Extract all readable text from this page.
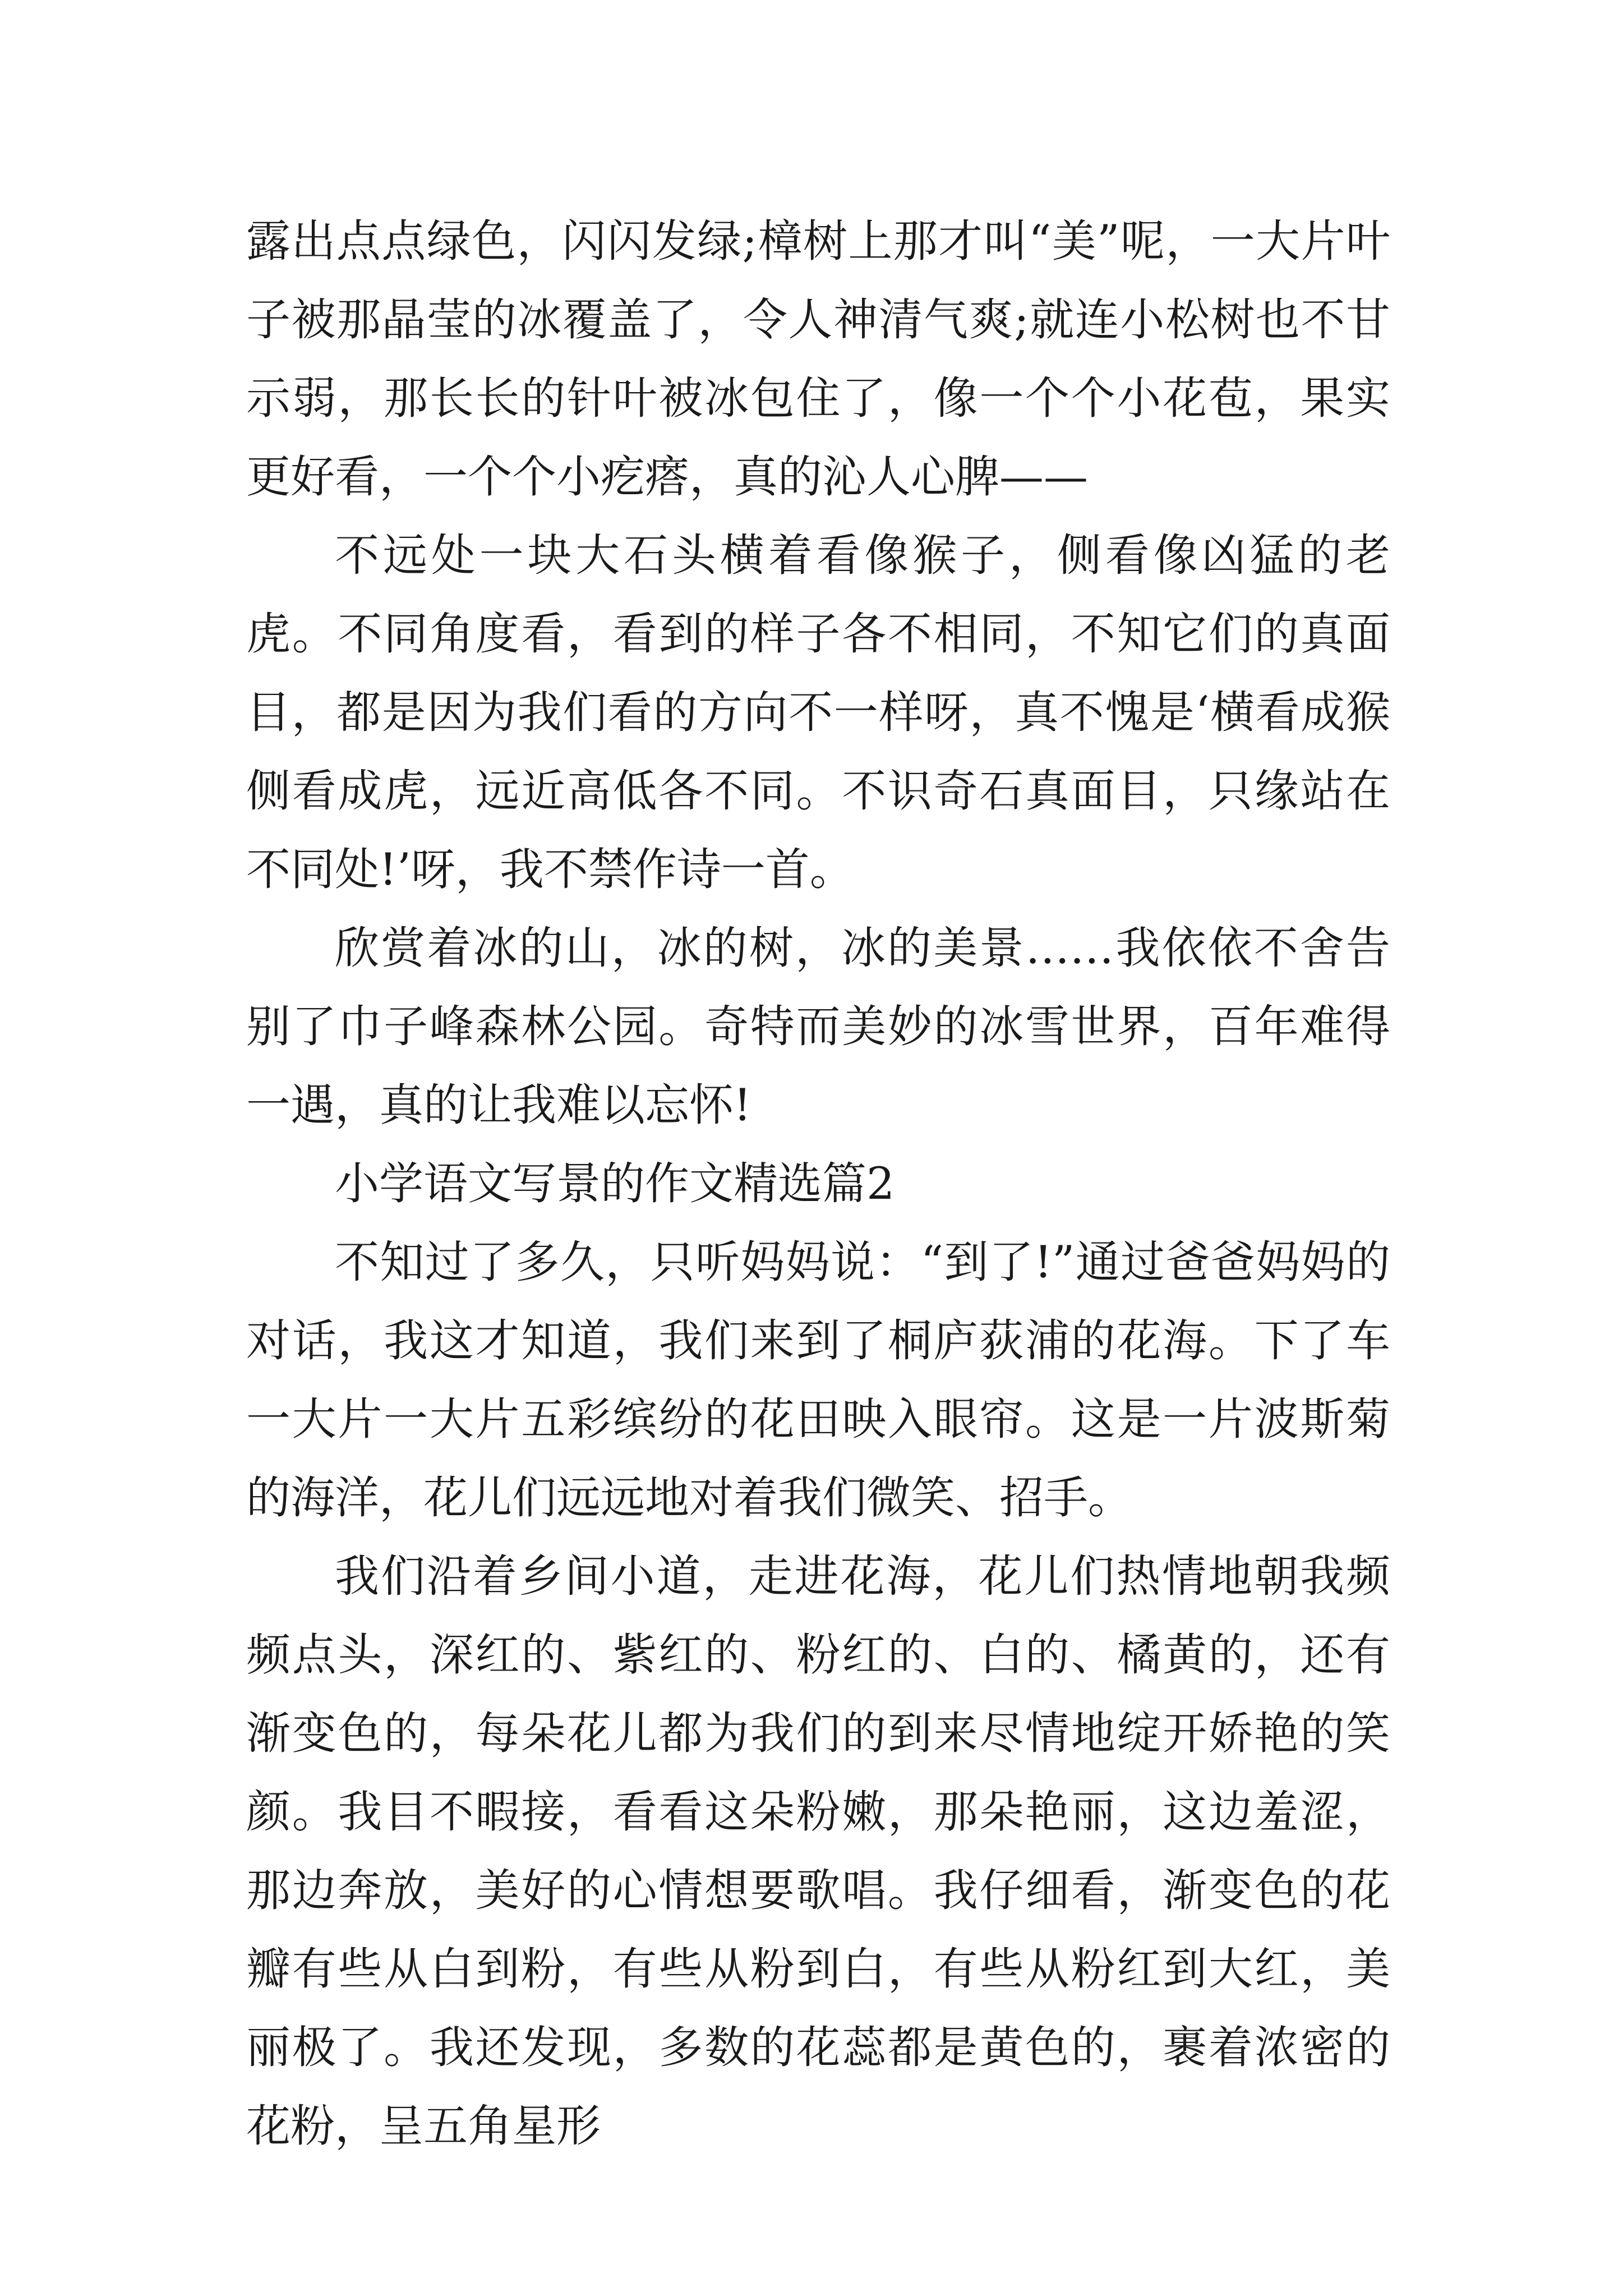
露出点点绿色，闪闪发绿;樟树上那才叫“美”呢，一大片叶子被那晶莹的冰覆盖了，令人神清气爽;就连小松树也不甘示弱，那长长的针叶被冰包住了，像一个个小花苞，果实更好看，一个个小疙瘩，真的沁人心脾——

不远处一块大石头横着看像猴子，侧看像凶猛的老虎。不同角度看，看到的样子各不相同，不知它们的真面目，都是因为我们看的方向不一样呀，真不愧是‘横看成猴侧看成虎，远近高低各不同。不识奇石真面目，只缘站在不同处!’呀，我不禁作诗一首。

欣赏着冰的山，冰的树，冰的美景……我依依不舍告别了巾子峰森林公园。奇特而美妙的冰雪世界，百年难得一遇，真的让我难以忘怀!

小学语文写景的作文精选篇2

不知过了多久，只听妈妈说：“到了!”通过爸爸妈妈的对话，我这才知道，我们来到了桐庐荻浦的花海。下了车一大片一大片五彩缤纷的花田映入眼帘。这是一片波斯菊的海洋，花儿们远远地对着我们微笑、招手。

我们沿着乡间小道，走进花海，花儿们热情地朝我频频点头，深红的、紫红的、粉红的、白的、橘黄的，还有渐变色的，每朵花儿都为我们的到来尽情地绽开娇艳的笑颜。我目不暇接，看看这朵粉嫩，那朵艳丽，这边羞涩，那边奔放，美好的心情想要歌唱。我仔细看，渐变色的花瓣有些从白到粉，有些从粉到白，有些从粉红到大红，美丽极了。我还发现，多数的花蕊都是黄色的，裹着浓密的花粉，呈五角星形
